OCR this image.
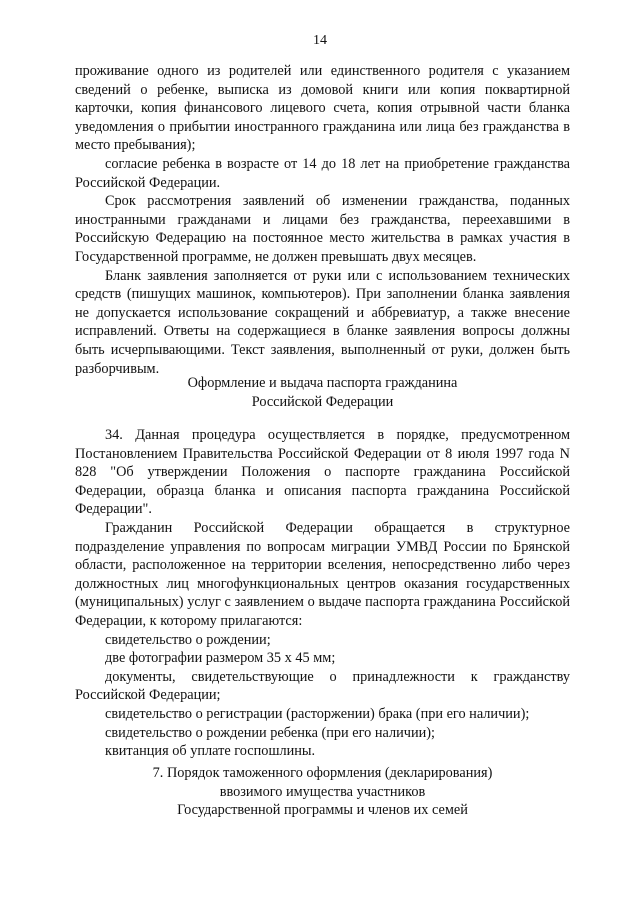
14

проживание одного из родителей или единственного родителя с указанием сведений о ребенке, выписка из домовой книги или копия поквартирной карточки, копия финансового лицевого счета, копия отрывной части бланка уведомления о прибытии иностранного гражданина или лица без гражданства в место пребывания);

согласие ребенка в возрасте от 14 до 18 лет на приобретение гражданства Российской Федерации.

Срок рассмотрения заявлений об изменении гражданства, поданных иностранными гражданами и лицами без гражданства, переехавшими в Российскую Федерацию на постоянное место жительства в рамках участия в Государственной программе, не должен превышать двух месяцев.

Бланк заявления заполняется от руки или с использованием технических средств (пишущих машинок, компьютеров). При заполнении бланка заявления не допускается использование сокращений и аббревиатур, а также внесение исправлений. Ответы на содержащиеся в бланке заявления вопросы должны быть исчерпывающими. Текст заявления, выполненный от руки, должен быть разборчивым.

Оформление и выдача паспорта гражданина
Российской Федерации

34. Данная процедура осуществляется в порядке, предусмотренном Постановлением Правительства Российской Федерации от 8 июля 1997 года N 828 "Об утверждении Положения о паспорте гражданина Российской Федерации, образца бланка и описания паспорта гражданина Российской Федерации".

Гражданин Российской Федерации обращается в структурное подразделение управления по вопросам миграции УМВД России по Брянской области, расположенное на территории вселения, непосредственно либо через должностных лиц многофункциональных центров оказания государственных (муниципальных) услуг с заявлением о выдаче паспорта гражданина Российской Федерации, к которому прилагаются:

свидетельство о рождении;

две фотографии размером 35 х 45 мм;

документы, свидетельствующие о принадлежности к гражданству Российской Федерации;

свидетельство о регистрации (расторжении) брака (при его наличии);

свидетельство о рождении ребенка (при его наличии);

квитанция об уплате госпошлины.

7. Порядок таможенного оформления (декларирования)
ввозимого имущества участников
Государственной программы и членов их семей
